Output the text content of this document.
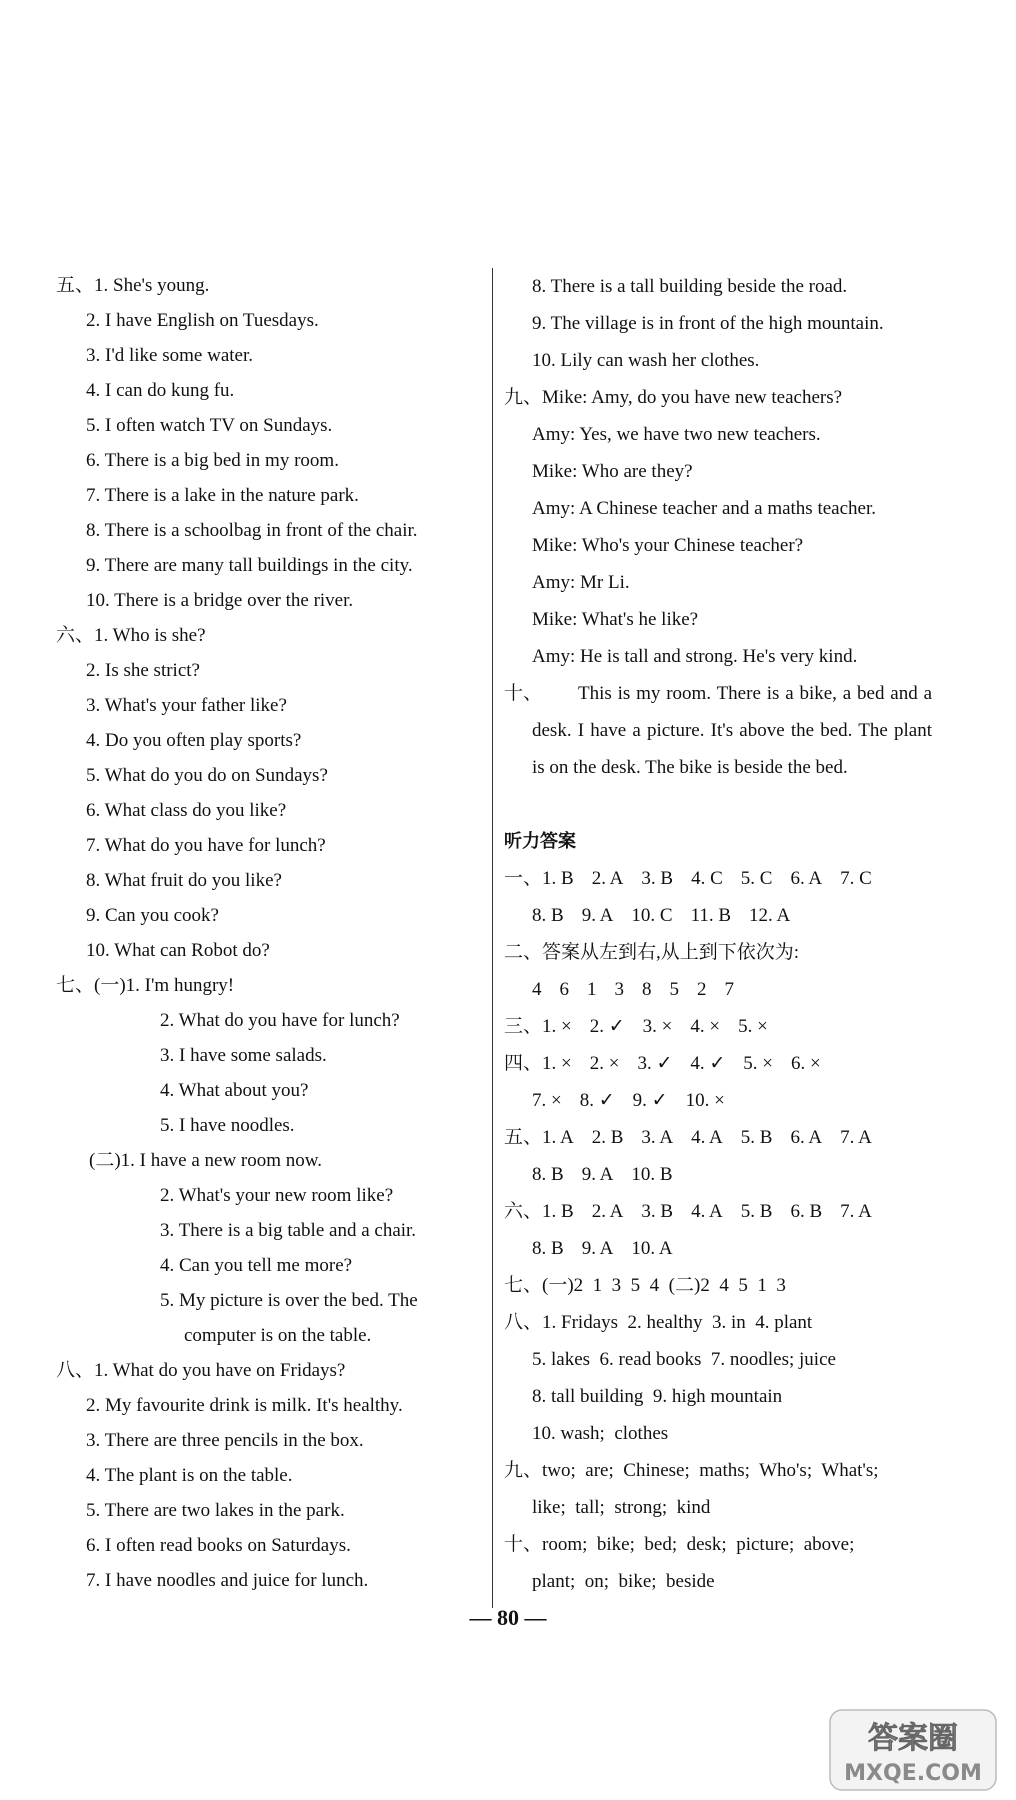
五、1. She's young.
2. I have English on Tuesdays.
3. I'd like some water.
4. I can do kung fu.
5. I often watch TV on Sundays.
6. There is a big bed in my room.
7. There is a lake in the nature park.
8. There is a schoolbag in front of the chair.
9. There are many tall buildings in the city.
10. There is a bridge over the river.
六、1. Who is she?
2. Is she strict?
3. What's your father like?
4. Do you often play sports?
5. What do you do on Sundays?
6. What class do you like?
7. What do you have for lunch?
8. What fruit do you like?
9. Can you cook?
10. What can Robot do?
七、(一)1. I'm hungry!
2. What do you have for lunch?
3. I have some salads.
4. What about you?
5. I have noodles.
(二)1. I have a new room now.
2. What's your new room like?
3. There is a big table and a chair.
4. Can you tell me more?
5. My picture is over the bed. The
computer is on the table.
八、1. What do you have on Fridays?
2. My favourite drink is milk. It's healthy.
3. There are three pencils in the box.
4. The plant is on the table.
5. There are two lakes in the park.
6. I often read books on Saturdays.
7. I have noodles and juice for lunch.
8. There is a tall building beside the road.
9. The village is in front of the high mountain.
10. Lily can wash her clothes.
九、Mike: Amy, do you have new teachers?
Amy: Yes, we have two new teachers.
Mike: Who are they?
Amy: A Chinese teacher and a maths teacher.
Mike: Who's your Chinese teacher?
Amy: Mr Li.
Mike: What's he like?
Amy: He is tall and strong. He's very kind.
十、	This is my room. There is a bike, a bed and a desk. I have a picture. It's above the bed. The plant is on the desk. The bike is beside the bed.
听力答案
一、1. B 2. A 3. B 4. C 5. C 6. A 7. C
8. B 9. A 10. C 11. B 12. A
二、答案从左到右,从上到下依次为:
4 6 1 3 8 5 2 7
三、1. × 2. ✓ 3. × 4. × 5. ×
四、1. × 2. × 3. ✓ 4. ✓ 5. × 6. ×
7. × 8. ✓ 9. ✓ 10. ×
五、1. A 2. B 3. A 4. A 5. B 6. A 7. A
8. B 9. A 10. B
六、1. B 2. A 3. B 4. A 5. B 6. B 7. A
8. B 9. A 10. A
七、(一)2  1  3  5  4  (二)2  4  5  1  3
八、1. Fridays  2. healthy  3. in  4. plant
5. lakes  6. read books  7. noodles; juice
8. tall building  9. high mountain
10. wash;  clothes
九、two;  are;  Chinese;  maths;  Who's;  What's;
like;  tall;  strong;  kind
十、room;  bike;  bed;  desk;  picture;  above;
plant;  on;  bike;  beside
— 80 —
答案圈
MXQE.COM
